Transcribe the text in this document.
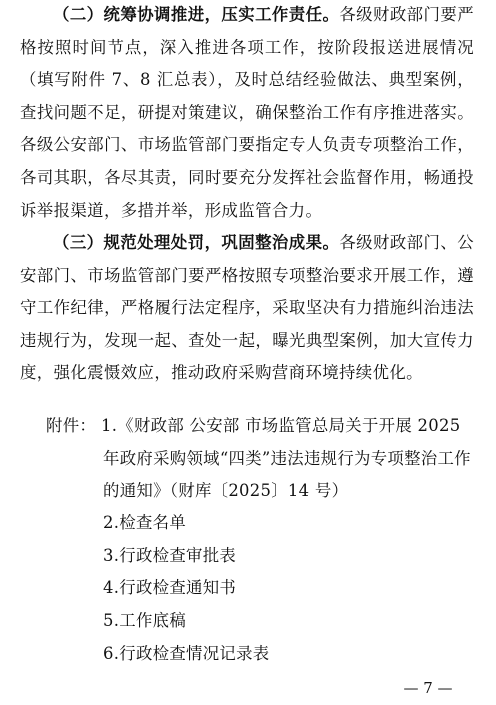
（二）统筹协调推进，压实工作责任。各级财政部门要严格按照时间节点，深入推进各项工作，按阶段报送进展情况（填写附件 7、8 汇总表），及时总结经验做法、典型案例，查找问题不足，研提对策建议，确保整治工作有序推进落实。各级公安部门、市场监管部门要指定专人负责专项整治工作，各司其职，各尽其责，同时要充分发挥社会监督作用，畅通投诉举报渠道，多措并举，形成监管合力。

（三）规范处理处罚，巩固整治成果。各级财政部门、公安部门、市场监管部门要严格按照专项整治要求开展工作，遵守工作纪律，严格履行法定程序，采取坚决有力措施纠治违法违规行为，发现一起、查处一起，曝光典型案例，加大宣传力度，强化震慑效应，推动政府采购营商环境持续优化。

附件： 1.《财政部 公安部 市场监管总局关于开展 2025 年政府采购领域“四类”违法违规行为专项整治工作的通知》（财库〔2025〕14 号）
2.检查名单
3.行政检查审批表
4.行政检查通知书
5.工作底稿
6.行政检查情况记录表
— 7 —
